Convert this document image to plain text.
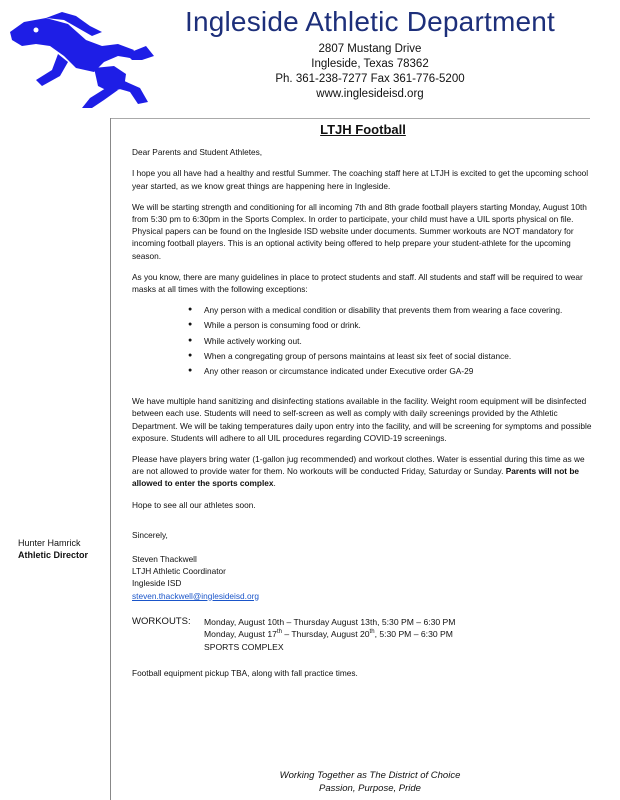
Ingleside Athletic Department
2807 Mustang Drive
Ingleside, Texas 78362
Ph. 361-238-7277 Fax 361-776-5200
www.inglesideisd.org
Hunter Hamrick
Athletic Director
LTJH Football

Dear Parents and Student Athletes,

I hope you all have had a healthy and restful Summer. The coaching staff here at LTJH is excited to get the upcoming school year started, as we know great things are happening here in Ingleside.

We will be starting strength and conditioning for all incoming 7th and 8th grade football players starting Monday, August 10th from 5:30 pm to 6:30pm in the Sports Complex. In order to participate, your child must have a UIL sports physical on file. Physical papers can be found on the Ingleside ISD website under documents. Summer workouts are NOT mandatory for incoming football players. This is an optional activity being offered to help prepare your student-athlete for the upcoming season.

As you know, there are many guidelines in place to protect students and staff. All students and staff will be required to wear masks at all times with the following exceptions:

● Any person with a medical condition or disability that prevents them from wearing a face covering.
● While a person is consuming food or drink.
● While actively working out.
● When a congregating group of persons maintains at least six feet of social distance.
● Any other reason or circumstance indicated under Executive order GA-29

We have multiple hand sanitizing and disinfecting stations available in the facility. Weight room equipment will be disinfected between each use. Students will need to self-screen as well as comply with daily screenings provided by the Athletic Department. We will be taking temperatures daily upon entry into the facility, and will be screening for symptoms and possible exposure. Students will adhere to all UIL procedures regarding COVID-19 screenings.

Please have players bring water (1-gallon jug recommended) and workout clothes. Water is essential during this time as we are not allowed to provide water for them. No workouts will be conducted Friday, Saturday or Sunday. Parents will not be allowed to enter the sports complex.

Hope to see all our athletes soon.

Sincerely,
Steven Thackwell
LTJH Athletic Coordinator
Ingleside ISD
steven.thackwell@inglesideisd.org
WORKOUTS:	Monday, August 10th – Thursday August 13th, 5:30 PM – 6:30 PM
Monday, August 17th – Thursday, August 20th, 5:30 PM – 6:30 PM
SPORTS COMPLEX

Football equipment pickup TBA, along with fall practice times.

Working Together as The District of Choice
Passion, Purpose, Pride
